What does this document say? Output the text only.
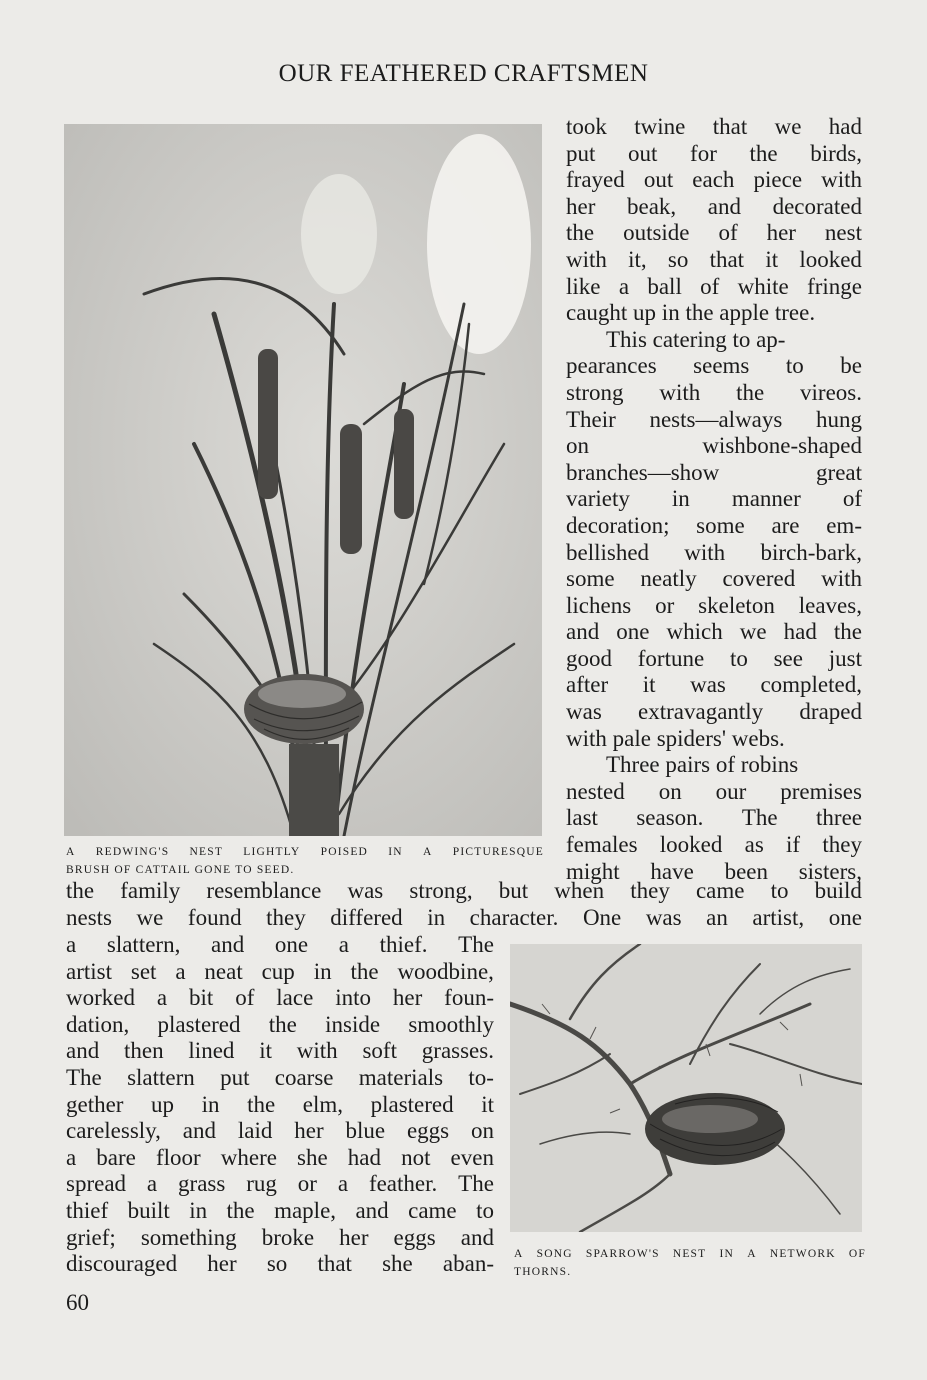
OUR FEATHERED CRAFTSMEN
A REDWING'S NEST LIGHTLY POISED IN A PICTURESQUE
BRUSH OF CATTAIL GONE TO SEED.
took twine that we had
put out for the birds,
frayed out each piece with
her beak, and decorated
the outside of her nest
with it, so that it looked
like a ball of white fringe
caught up in the apple tree.
This catering to ap-
pearances seems to be
strong with the vireos.
Their nests—always hung
on	wishbone-shaped
branches—show	great
variety in manner of
decoration; some are em-
bellished with birch-bark,
some neatly covered with
lichens or skeleton leaves,
and one which we had the
good fortune to see just
after it was completed,
was extravagantly draped
with pale spiders' webs.
Three pairs of robins
nested on our premises
last season. The three
females looked as if they
might have been sisters,
the family resemblance was strong, but when they came to build
nests we found they differed in character. One was an artist, one
a slattern, and one a thief. The
artist set a neat cup in the woodbine,
worked a bit of lace into her foun-
dation, plastered the inside smoothly
and then lined it with soft grasses.
The slattern put coarse materials to-
gether up in the elm, plastered it
carelessly, and laid her blue eggs on
a bare floor where she had not even
spread a grass rug or a feather. The
thief built in the maple, and came to
grief; something broke her eggs and
discouraged her so that she aban- A SONG SPARROW'S NEST IN A NETWORK OF
THORNS.
60
